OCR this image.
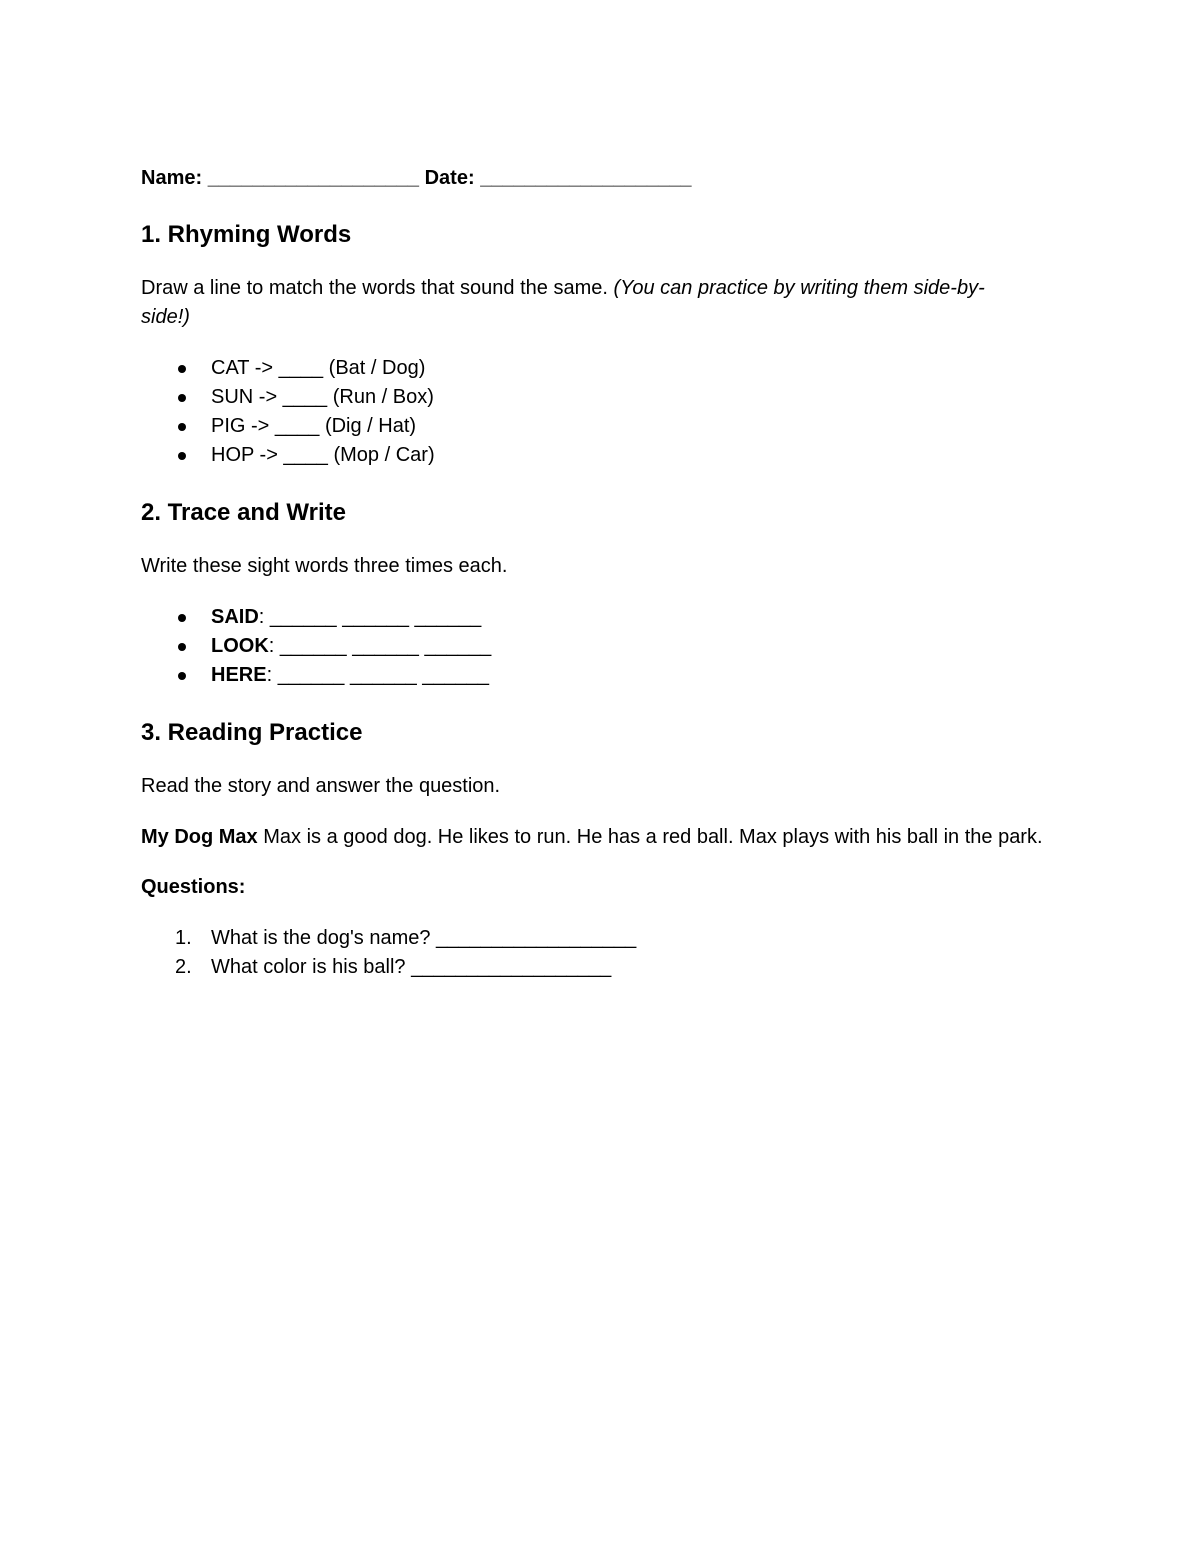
Name: ___________________ Date: ___________________

1. Rhyming Words

Draw a line to match the words that sound the same. (You can practice by writing them side-by-side!)

CAT -> ____ (Bat / Dog)
SUN -> ____ (Run / Box)
PIG -> ____ (Dig / Hat)
HOP -> ____ (Mop / Car)
2. Trace and Write

Write these sight words three times each.

SAID: ______ ______ ______
LOOK: ______ ______ ______
HERE: ______ ______ ______
3. Reading Practice

Read the story and answer the question.

My Dog Max Max is a good dog. He likes to run. He has a red ball. Max plays with his ball in the park.

Questions:

1. What is the dog's name? __________________
2. What color is his ball? __________________
